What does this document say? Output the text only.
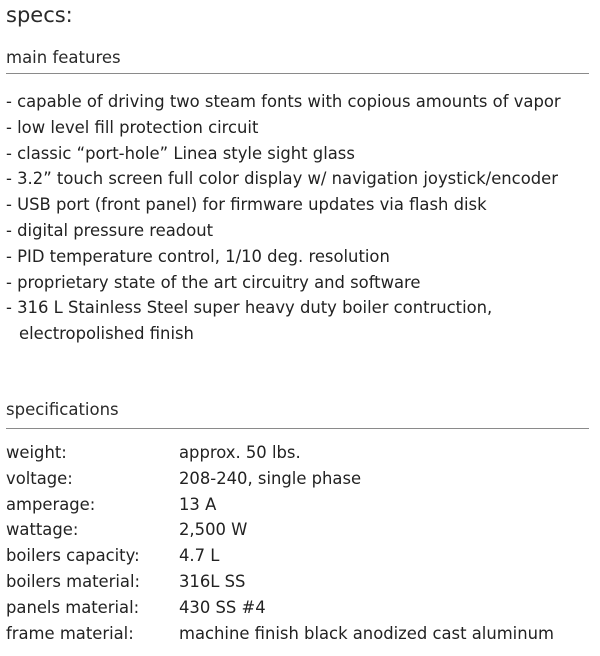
specs:
main features
- capable of driving two steam fonts with copious amounts of vapor
- low level fill protection circuit
- classic “port-hole” Linea style sight glass
- 3.2” touch screen full color display w/ navigation joystick/encoder
- USB port (front panel) for firmware updates via flash disk
- digital pressure readout
- PID temperature control, 1/10 deg. resolution
- proprietary state of the art circuitry and software
- 316 L Stainless Steel super heavy duty boiler contruction,
electropolished finish
specifications
weight:	approx. 50 lbs.
voltage:	208-240, single phase
amperage:	13 A
wattage:	2,500 W
boilers capacity:	4.7 L
boilers material:	316L SS
panels material:	430 SS #4
frame material:	machine finish black anodized cast aluminum
